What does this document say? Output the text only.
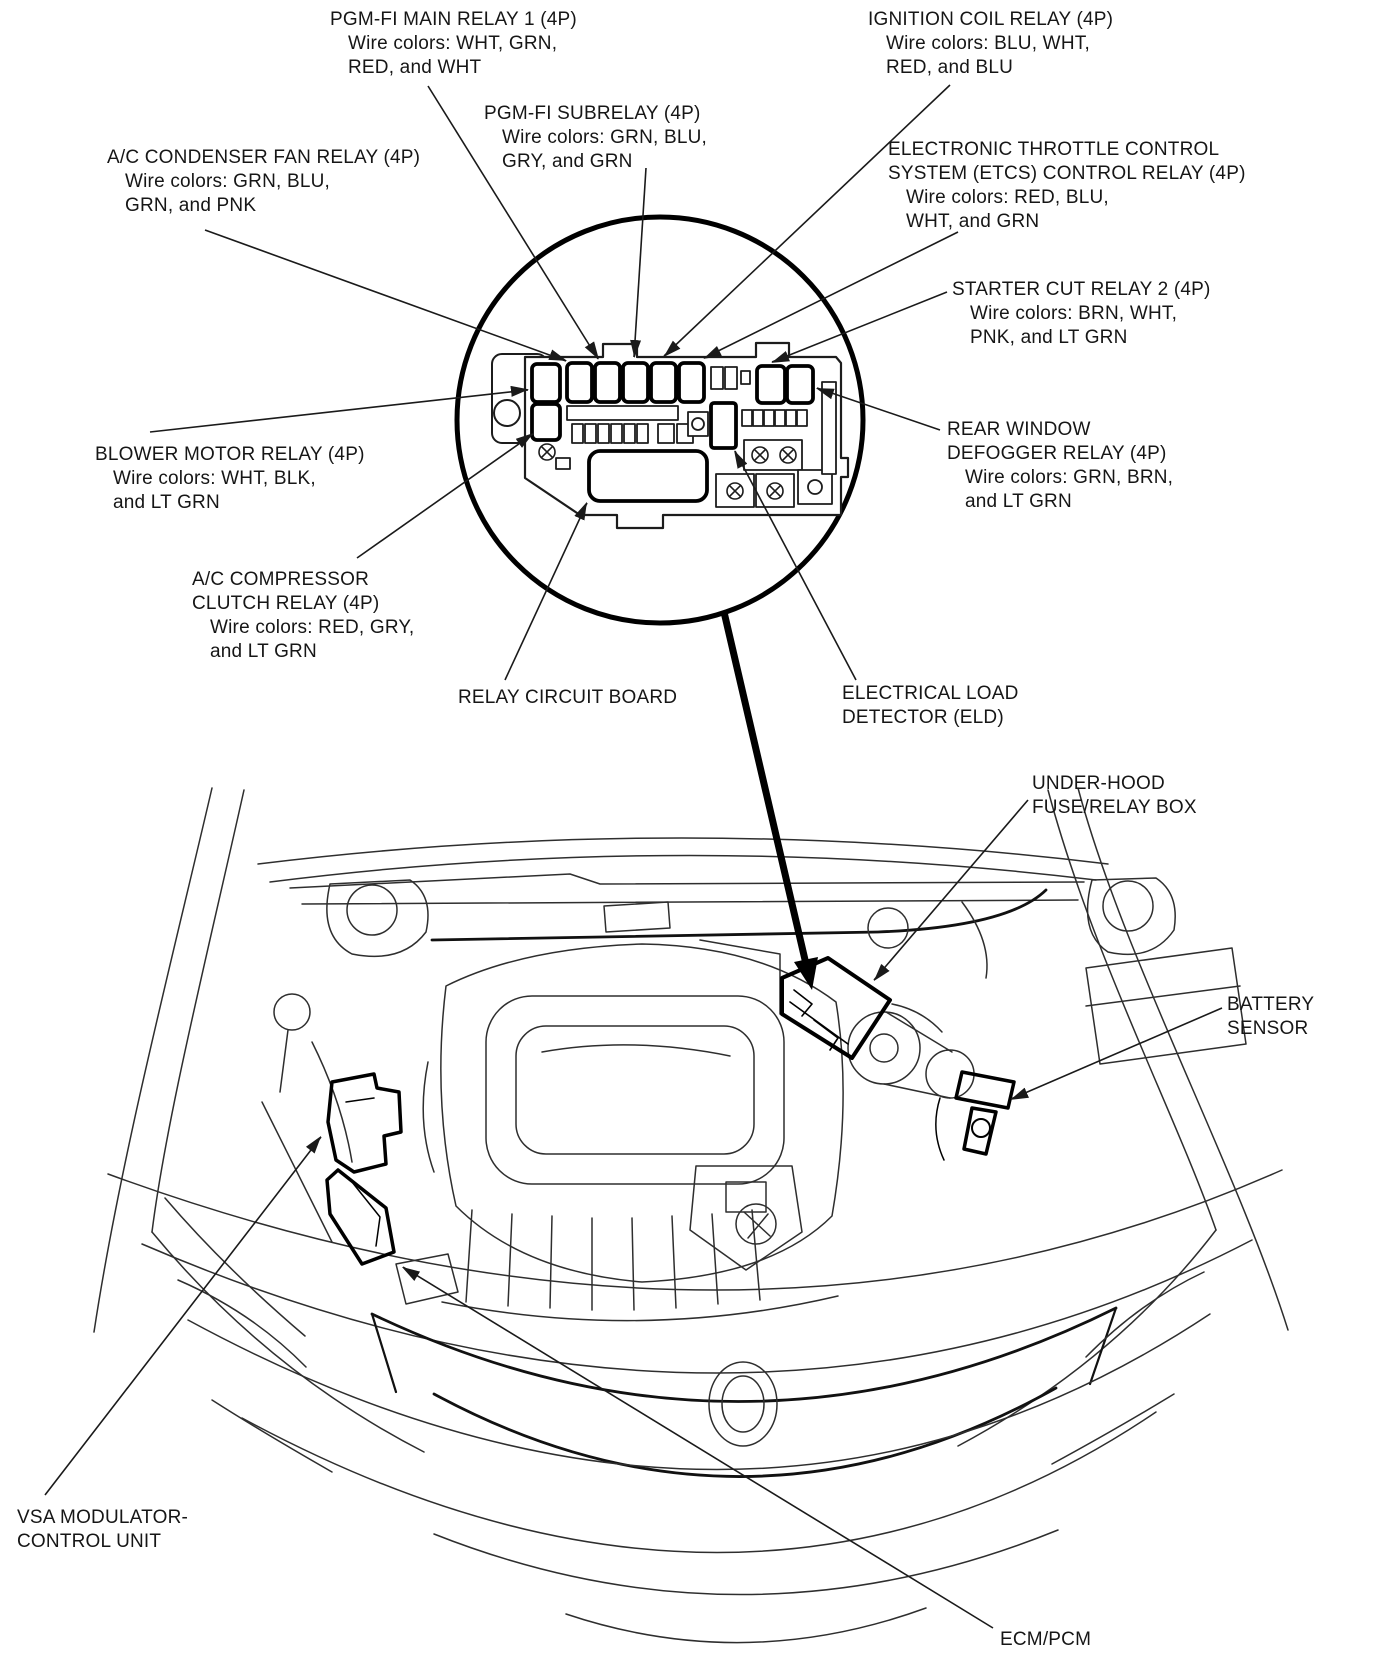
PGM-FI MAIN RELAY 1 (4P)
Wire colors: WHT, GRN,
RED, and WHT
IGNITION COIL RELAY (4P)
Wire colors: BLU, WHT,
RED, and BLU
PGM-FI SUBRELAY (4P)
Wire colors: GRN, BLU,
GRY, and GRN
A/C CONDENSER FAN RELAY (4P)
Wire colors: GRN, BLU,
GRN, and PNK
ELECTRONIC THROTTLE CONTROL
SYSTEM (ETCS) CONTROL RELAY (4P)
Wire colors: RED, BLU,
WHT, and GRN
STARTER CUT RELAY 2 (4P)
Wire colors: BRN, WHT,
PNK, and LT GRN
BLOWER MOTOR RELAY (4P)
Wire colors: WHT, BLK,
and LT GRN
REAR WINDOW
DEFOGGER RELAY (4P)
Wire colors: GRN, BRN,
and LT GRN
A/C COMPRESSOR
CLUTCH RELAY (4P)
Wire colors: RED, GRY,
and LT GRN
RELAY CIRCUIT BOARD	ELECTRICAL LOAD
DETECTOR (ELD)
UNDER-HOOD
FUSE/RELAY BOX
BATTERY
SENSOR
VSA MODULATOR-
CONTROL UNIT
ECM/PCM
